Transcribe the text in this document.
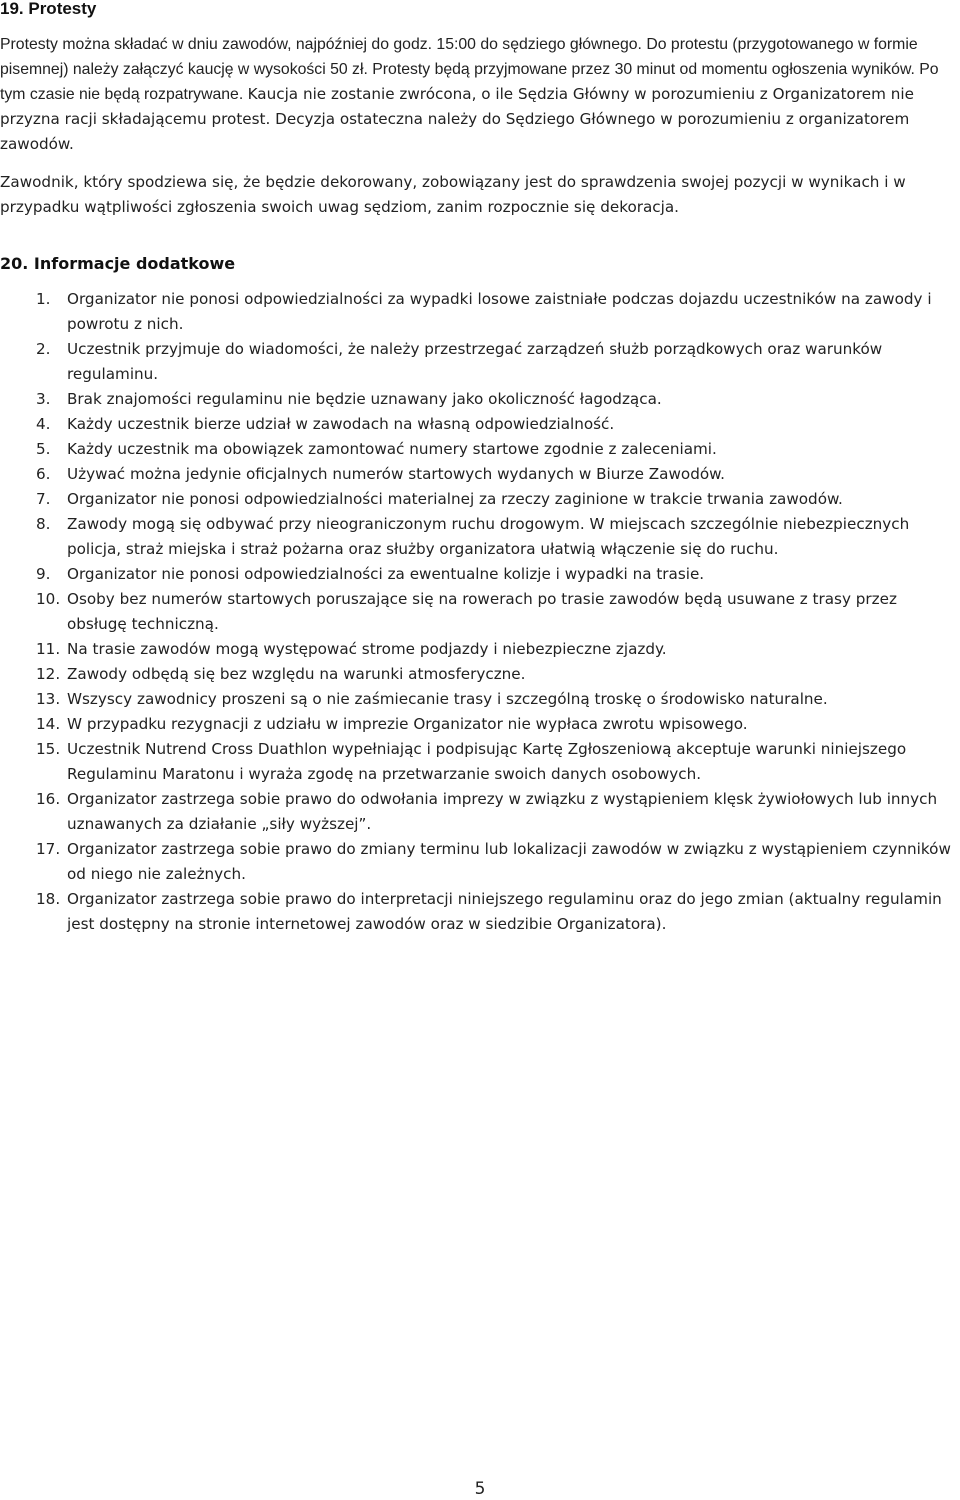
19. Protesty

Protesty można składać w dniu zawodów, najpóźniej do godz. 15:00 do sędziego głównego. Do protestu (przygotowanego w formie pisemnej) należy załączyć kaucję w wysokości 50 zł. Protesty będą przyjmowane przez 30 minut od momentu ogłoszenia wyników. Po tym czasie nie będą rozpatrywane. Kaucja nie zostanie zwrócona, o ile Sędzia Główny w porozumieniu z Organizatorem nie przyzna racji składającemu protest. Decyzja ostateczna należy do Sędziego Głównego w porozumieniu z organizatorem zawodów.

Zawodnik, który spodziewa się, że będzie dekorowany, zobowiązany jest do sprawdzenia swojej pozycji w wynikach i w przypadku wątpliwości zgłoszenia swoich uwag sędziom, zanim rozpocznie się dekoracja.

20. Informacje dodatkowe
1.	Organizator nie ponosi odpowiedzialności za wypadki losowe zaistniałe podczas dojazdu uczestników na zawody i powrotu z nich.
2.	Uczestnik przyjmuje do wiadomości, że należy przestrzegać zarządzeń służb porządkowych oraz warunków regulaminu.
3.	Brak znajomości regulaminu nie będzie uznawany jako okoliczność łagodząca.
4.	Każdy uczestnik bierze udział w zawodach na własną odpowiedzialność.
5.	Każdy uczestnik ma obowiązek zamontować numery startowe zgodnie z zaleceniami.
6.	Używać można jedynie oficjalnych numerów startowych wydanych w Biurze Zawodów.
7.	Organizator nie ponosi odpowiedzialności materialnej za rzeczy zaginione w trakcie trwania zawodów.
8.	Zawody mogą się odbywać przy nieograniczonym ruchu drogowym. W miejscach szczególnie niebezpiecznych policja, straż miejska i straż pożarna oraz służby organizatora ułatwią włączenie się do ruchu.
9.	Organizator nie ponosi odpowiedzialności za ewentualne kolizje i wypadki na trasie.
10. Osoby bez numerów startowych poruszające się na rowerach po trasie zawodów będą usuwane z trasy przez obsługę techniczną.
11. Na trasie zawodów mogą występować strome podjazdy i niebezpieczne zjazdy.
12. Zawody odbędą się bez względu na warunki atmosferyczne.
13. Wszyscy zawodnicy proszeni są o nie zaśmiecanie trasy i szczególną troskę o środowisko naturalne.
14. W przypadku rezygnacji z udziału w imprezie Organizator nie wypłaca zwrotu wpisowego.
15. Uczestnik Nutrend Cross Duathlon wypełniając i podpisując Kartę Zgłoszeniową akceptuje warunki niniejszego Regulaminu Maratonu i wyraża zgodę na przetwarzanie swoich danych osobowych.
16. Organizator zastrzega sobie prawo do odwołania imprezy w związku z wystąpieniem klęsk żywiołowych lub innych uznawanych za działanie „siły wyższej”.
17. Organizator zastrzega sobie prawo do zmiany terminu lub lokalizacji zawodów w związku z wystąpieniem czynników od niego nie zależnych.
18. Organizator zastrzega sobie prawo do interpretacji niniejszego regulaminu oraz do jego zmian (aktualny regulamin jest dostępny na stronie internetowej zawodów oraz w siedzibie Organizatora).
5
